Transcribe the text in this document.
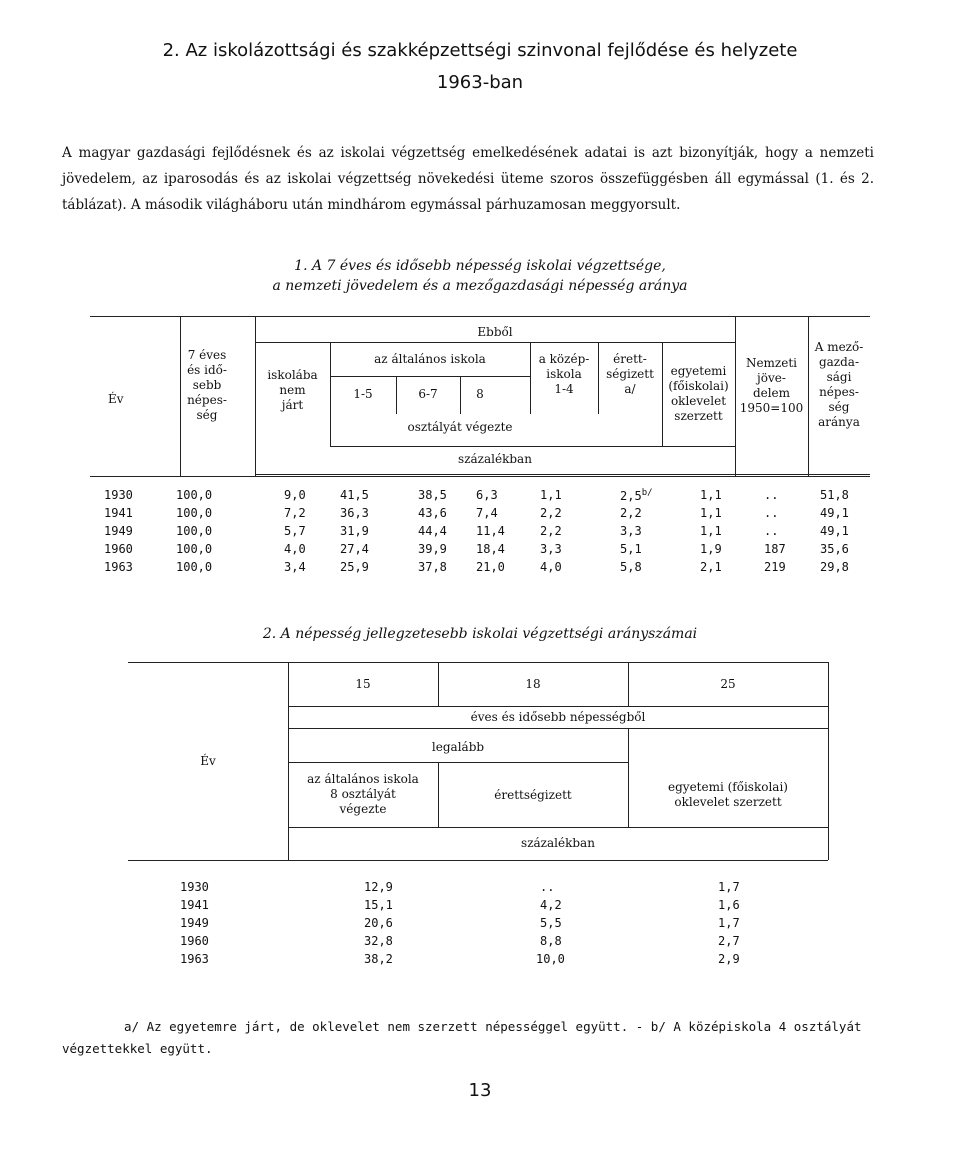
2. Az iskolázottsági és szakképzettségi szinvonal fejlődése és helyzete
1963-ban
A magyar gazdasági fejlődésnek és az iskolai végzettség emelkedésének adatai is azt bizonyítják, hogy a nemzeti jövedelem, az iparosodás és az iskolai végzettség növekedési üteme szoros összefüggésben áll egymással (1. és 2. táblázat). A második világháboru után mindhárom egymással párhuzamosan meggyorsult.
1. A 7 éves és idősebb népesség iskolai végzettsége,
a nemzeti jövedelem és a mezőgazdasági népesség aránya
Év
7 éves
és idő-
sebb
népes-
ség
iskolába
nem
járt
Ebből
az általános iskola
1-5	6-7	8
a közép-
iskola
1-4
érett-
ségizett
a/
egyetemi
(főiskolai)
oklevelet
szerzett
osztályát végezte
Nemzeti
jöve-
delem
1950=100
A mező-
gazda-
sági
népes-
ség
aránya
százalékban
1930	100,0	9,0	41,5	38,5 6,3	1,1	$2,5^{b/}$	1,1	..	51,8
1941	100,0	7,2	36,3	43,6 7,4	2,2	2,2	1,1	..	49,1
1949	100,0	5,7	31,9	44,4 11,4	2,2	3,3	1,1	..	49,1
1960	100,0	4,0	27,4	39,9 18,4	3,3	5,1	1,9	187	35,6
1963	100,0	3,4	25,9	37,8 21,0	4,0	5,8	2,1	219	29,8
2. A népesség jellegzetesebb iskolai végzettségi arányszámai
15	18	25
éves és idősebb népességből
Év
legalább
az általános iskola
8 osztályát
végezte
érettségizett
egyetemi (főiskolai)
oklevelet szerzett
százalékban
1930	12,9	..	1,7
1941	15,1	4,2	1,6
1949	20,6	5,5	1,7
1960	32,8	8,8	2,7
1963	38,2	10,0	2,9
a/ Az egyetemre járt, de oklevelet nem szerzett népességgel együtt. - b/ A középiskola 4 osztályát
végzettekkel együtt.
13
